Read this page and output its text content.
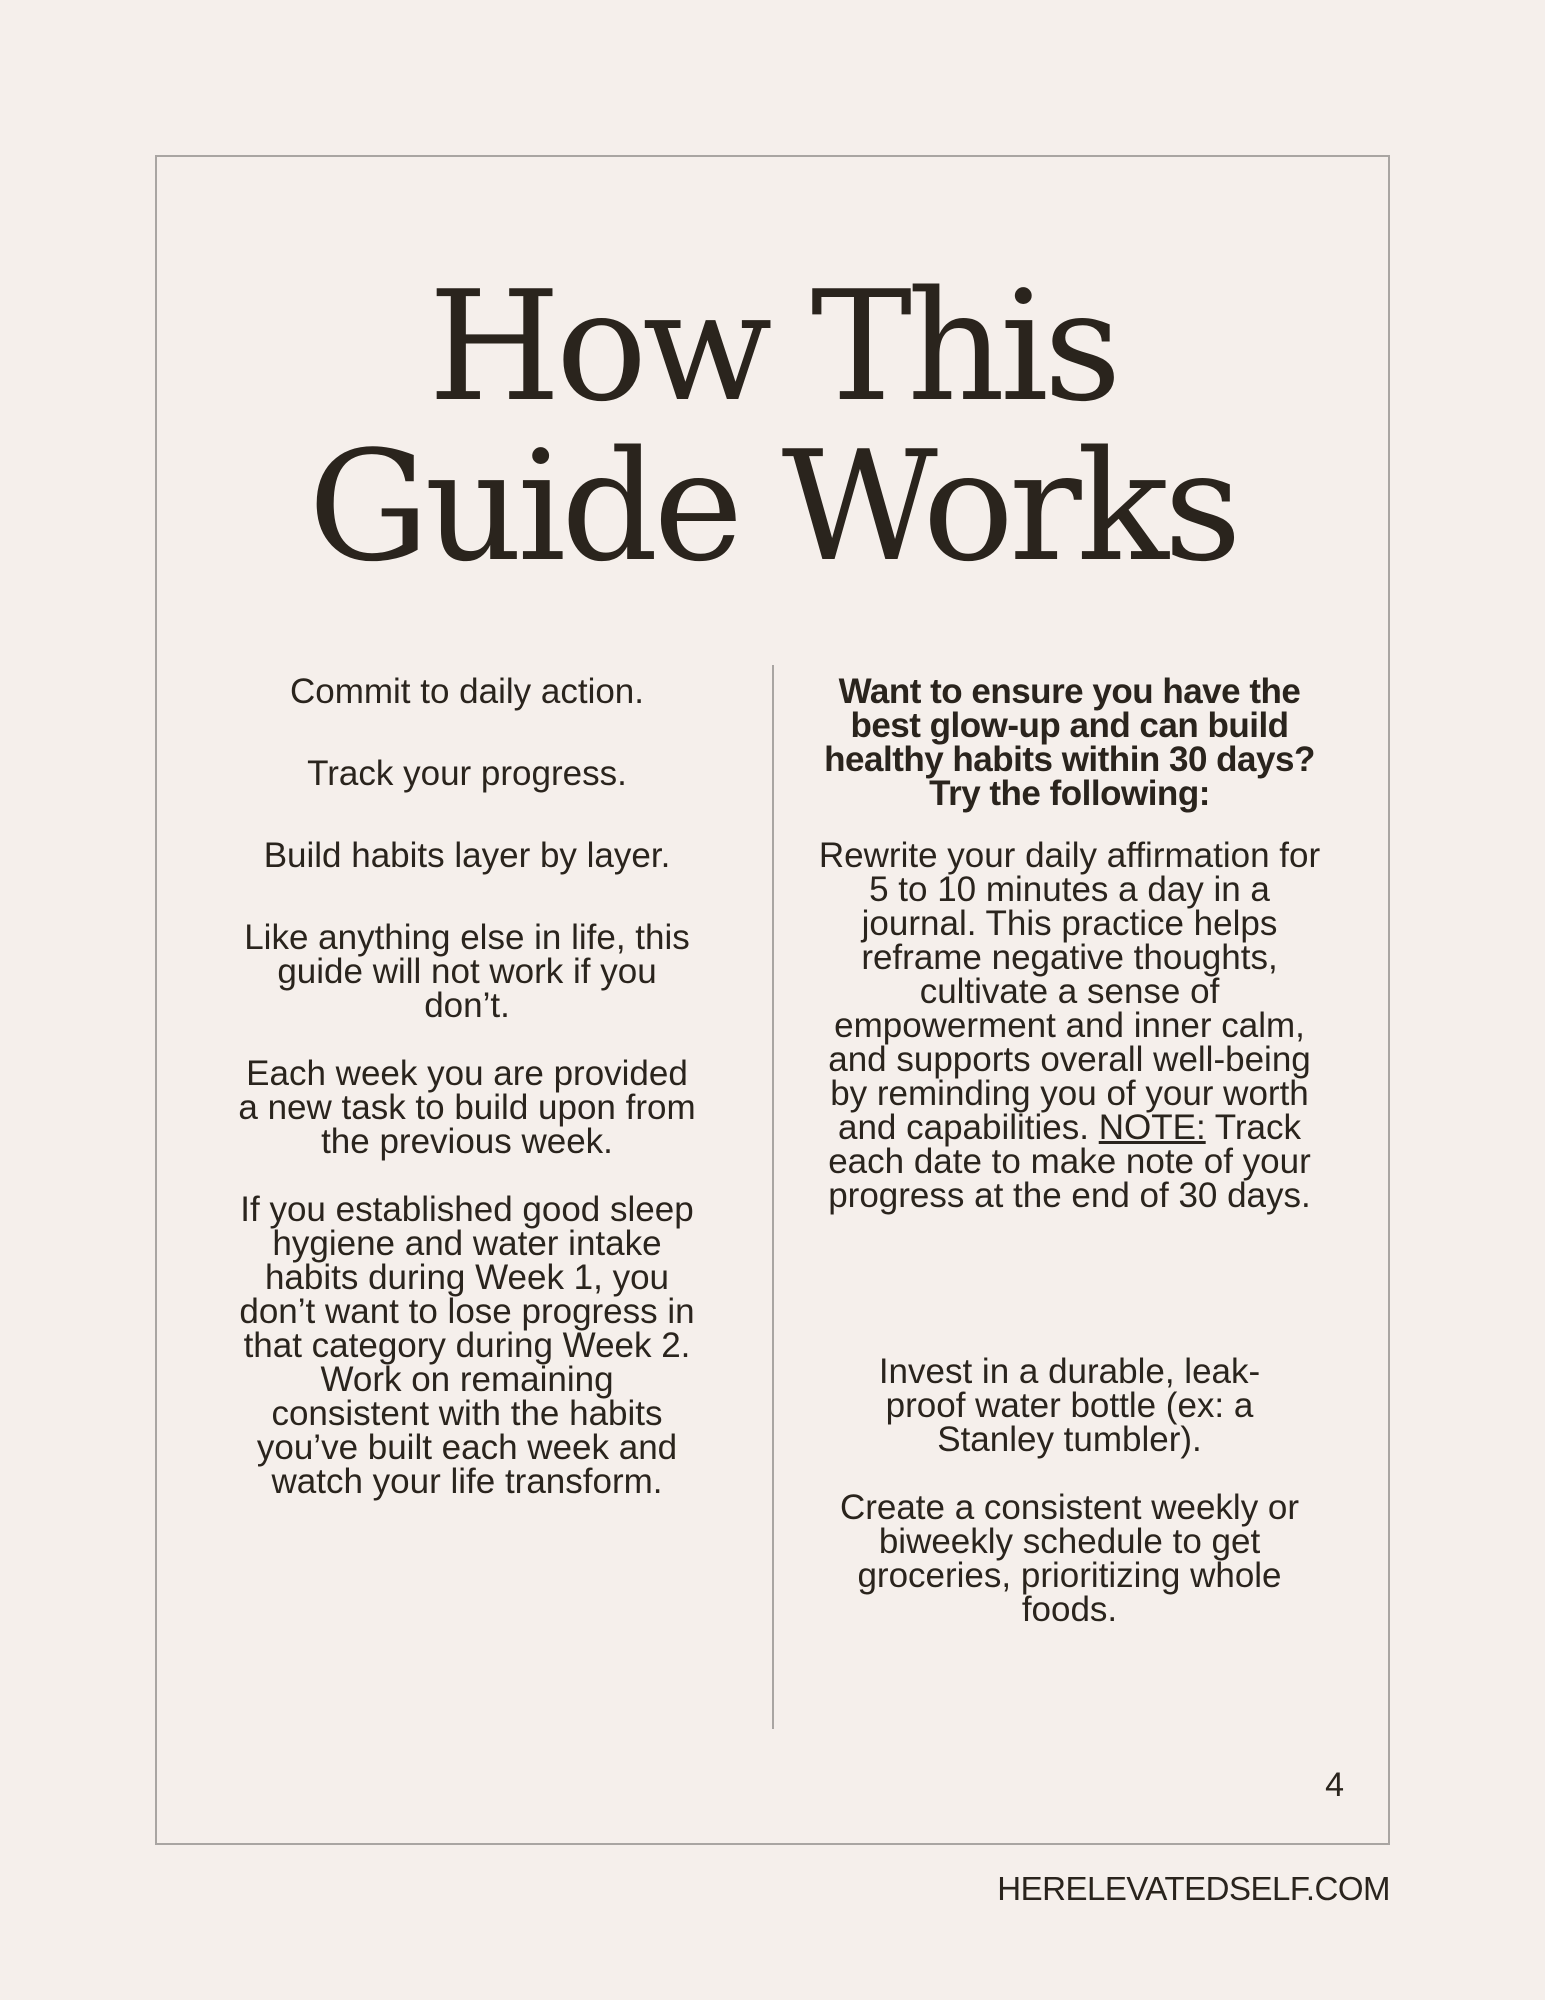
How This
Guide Works

Commit to daily action.

Track your progress.

Build habits layer by layer.

Like anything else in life, this guide will not work if you don’t.

Each week you are provided a new task to build upon from the previous week.

If you established good sleep hygiene and water intake habits during Week 1, you don’t want to lose progress in that category during Week 2. Work on remaining consistent with the habits you’ve built each week and watch your life transform.

Want to ensure you have the best glow-up and can build healthy habits within 30 days? Try the following:

Rewrite your daily affirmation for 5 to 10 minutes a day in a journal. This practice helps reframe negative thoughts, cultivate a sense of empowerment and inner calm, and supports overall well-being by reminding you of your worth and capabilities. NOTE: Track each date to make note of your progress at the end of 30 days.

Invest in a durable, leak-proof water bottle (ex: a Stanley tumbler).

Create a consistent weekly or biweekly schedule to get groceries, prioritizing whole foods.

4
HERELEVATEDSELF.COM
